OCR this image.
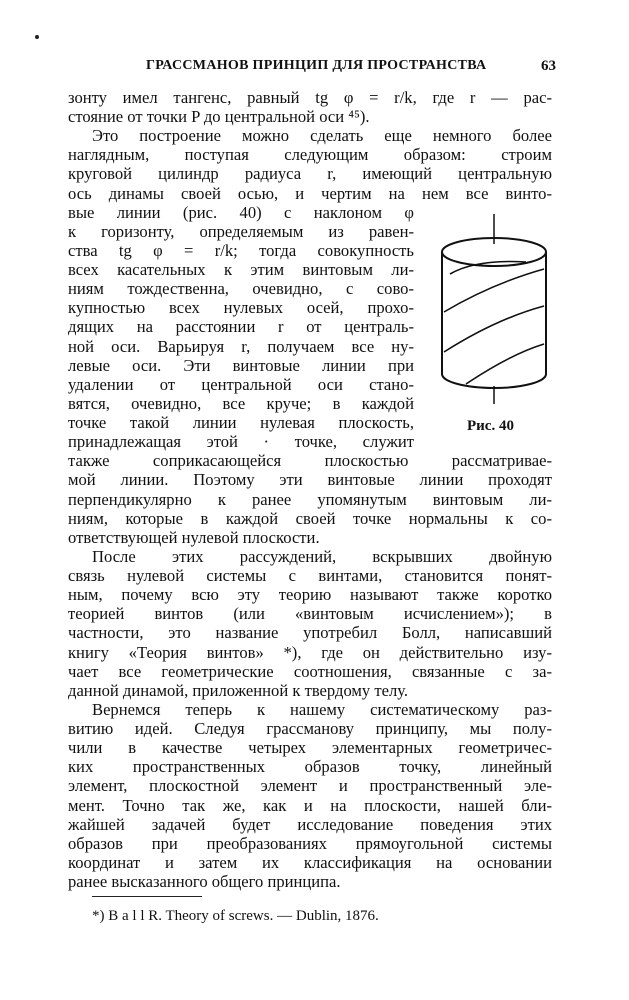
ГРАССМАНОВ ПРИНЦИП ДЛЯ ПРОСТРАНСТВА	63
зонту имел тангенс, равный tg φ = r/k, где r — рас-
стояние от точки P до центральной оси ⁴⁵).
Это построение можно сделать еще немного более
наглядным, поступая следующим образом: строим
круговой цилиндр радиуса r, имеющий центральную
ось динамы своей осью, и чертим на нем все винто-
вые линии (рис. 40) с наклоном φ
к горизонту, определяемым из равен-
ства tg φ = r/k; тогда совокупность
всех касательных к этим винтовым ли-
ниям тождественна, очевидно, с сово-
купностью всех нулевых осей, прохо-
дящих на расстоянии r от централь-
ной оси. Варьируя r, получаем все ну-
левые оси. Эти винтовые линии при
удалении от центральной оси стано-
вятся, очевидно, все круче; в каждой
точке такой линии нулевая плоскость,
принадлежащая этой · точке, служит
также соприкасающейся плоскостью рассматривае-
мой линии. Поэтому эти винтовые линии проходят
перпендикулярно к ранее упомянутым винтовым ли-
ниям, которые в каждой своей точке нормальны к со-
ответствующей нулевой плоскости.
После этих рассуждений, вскрывших двойную
связь нулевой системы с винтами, становится понят-
ным, почему всю эту теорию называют также коротко
теорией винтов (или «винтовым исчислением»); в
частности, это название употребил Болл, написавший
книгу «Теория винтов» *), где он действительно изу-
чает все геометрические соотношения, связанные с за-
данной динамой, приложенной к твердому телу.
Вернемся теперь к нашему систематическому раз-
витию идей. Следуя грассманову принципу, мы полу-
чили в качестве четырех элементарных геометричес-
ких пространственных образов точку, линейный
элемент, плоскостной элемент и пространственный эле-
мент. Точно так же, как и на плоскости, нашей бли-
жайшей задачей будет исследование поведения этих
образов при преобразованиях прямоугольной системы
координат и затем их классификация на основании
ранее высказанного общего принципа.
Рис. 40
*) B a l l R. Theory of screws. — Dublin, 1876.
